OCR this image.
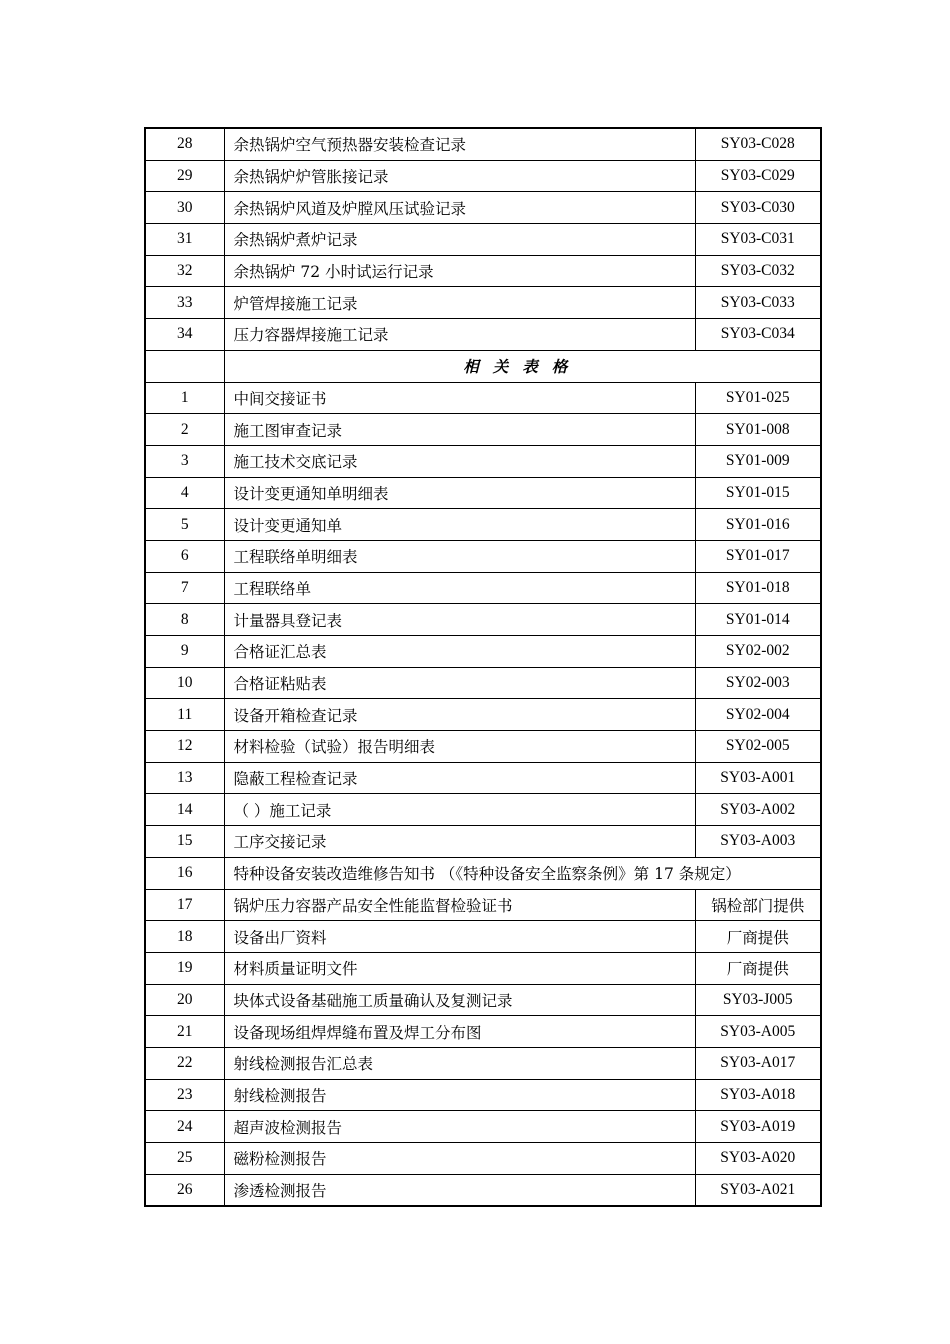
28	余热锅炉空气预热器安装检查记录	SY03-C028
29	余热锅炉炉管胀接记录	SY03-C029
30	余热锅炉风道及炉膛风压试验记录	SY03-C030
31	余热锅炉煮炉记录	SY03-C031
32	余热锅炉 72 小时试运行记录	SY03-C032
33	炉管焊接施工记录	SY03-C033
34	压力容器焊接施工记录	SY03-C034
	相关表格	
1	中间交接证书	SY01-025
2	施工图审查记录	SY01-008
3	施工技术交底记录	SY01-009
4	设计变更通知单明细表	SY01-015
5	设计变更通知单	SY01-016
6	工程联络单明细表	SY01-017
7	工程联络单	SY01-018
8	计量器具登记表	SY01-014
9	合格证汇总表	SY02-002
10	合格证粘贴表	SY02-003
11	设备开箱检查记录	SY02-004
12	材料检验（试验）报告明细表	SY02-005
13	隐蔽工程检查记录	SY03-A001
14	（ ）施工记录	SY03-A002
15	工序交接记录	SY03-A003
16	特种设备安装改造维修告知书 （《特种设备安全监察条例》第 17 条规定）	
17	锅炉压力容器产品安全性能监督检验证书	锅检部门提供
18	设备出厂资料	厂商提供
19	材料质量证明文件	厂商提供
20	块体式设备基础施工质量确认及复测记录	SY03-J005
21	设备现场组焊焊缝布置及焊工分布图	SY03-A005
22	射线检测报告汇总表	SY03-A017
23	射线检测报告	SY03-A018
24	超声波检测报告	SY03-A019
25	磁粉检测报告	SY03-A020
26	渗透检测报告	SY03-A021
